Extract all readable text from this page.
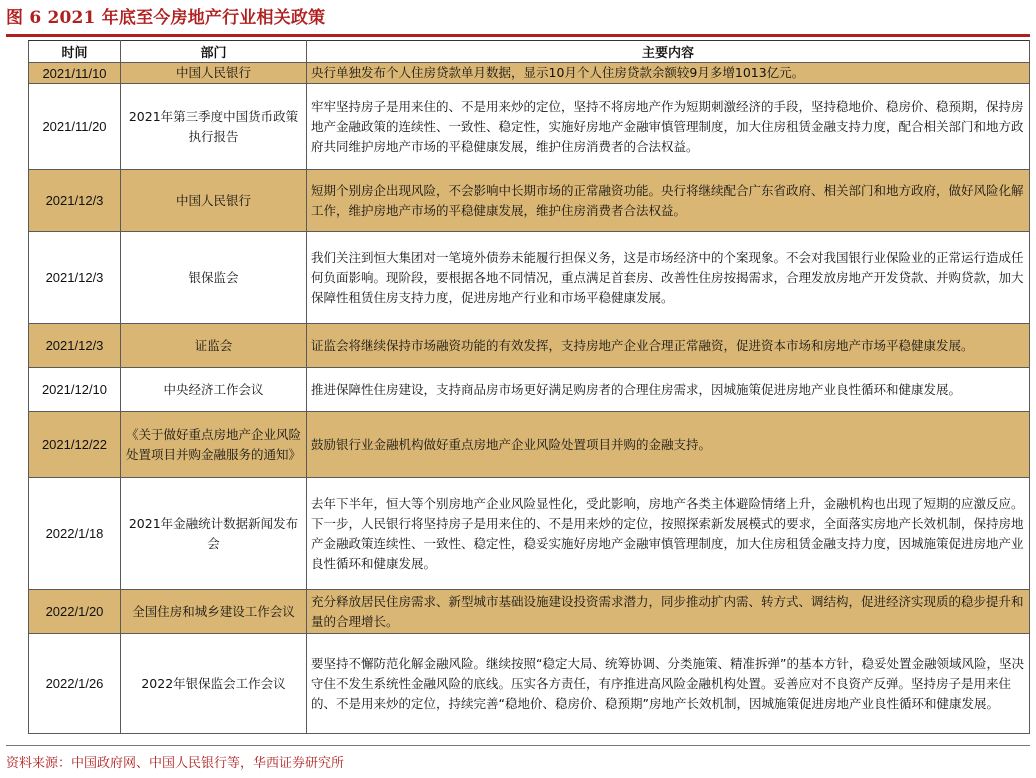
图 6 2021 年底至今房地产行业相关政策
时间	部门	主要内容
2021/11/10	中国人民银行	央行单独发布个人住房贷款单月数据，显示10月个人住房贷款余额较9月多增1013亿元。
2021/11/20	2021年第三季度中国货币政策执行报告	牢牢坚持房子是用来住的、不是用来炒的定位，坚持不将房地产作为短期刺激经济的手段，坚持稳地价、稳房价、稳预期，保持房地产金融政策的连续性、一致性、稳定性，实施好房地产金融审慎管理制度，加大住房租赁金融支持力度，配合相关部门和地方政府共同维护房地产市场的平稳健康发展，维护住房消费者的合法权益。
2021/12/3	中国人民银行	短期个别房企出现风险，不会影响中长期市场的正常融资功能。央行将继续配合广东省政府、相关部门和地方政府，做好风险化解工作，维护房地产市场的平稳健康发展，维护住房消费者合法权益。
2021/12/3	银保监会	我们关注到恒大集团对一笔境外债券未能履行担保义务，这是市场经济中的个案现象。不会对我国银行业保险业的正常运行造成任何负面影响。现阶段，要根据各地不同情况，重点满足首套房、改善性住房按揭需求，合理发放房地产开发贷款、并购贷款，加大保障性租赁住房支持力度，促进房地产行业和市场平稳健康发展。
2021/12/3	证监会	证监会将继续保持市场融资功能的有效发挥，支持房地产企业合理正常融资，促进资本市场和房地产市场平稳健康发展。
2021/12/10	中央经济工作会议	推进保障性住房建设，支持商品房市场更好满足购房者的合理住房需求，因城施策促进房地产业良性循环和健康发展。
2021/12/22	《关于做好重点房地产企业风险处置项目并购金融服务的通知》	鼓励银行业金融机构做好重点房地产企业风险处置项目并购的金融支持。
2022/1/18	2021年金融统计数据新闻发布会	去年下半年，恒大等个别房地产企业风险显性化，受此影响，房地产各类主体避险情绪上升，金融机构也出现了短期的应激反应。下一步，人民银行将坚持房子是用来住的、不是用来炒的定位，按照探索新发展模式的要求，全面落实房地产长效机制，保持房地产金融政策连续性、一致性、稳定性，稳妥实施好房地产金融审慎管理制度，加大住房租赁金融支持力度，因城施策促进房地产业良性循环和健康发展。
2022/1/20	全国住房和城乡建设工作会议	充分释放居民住房需求、新型城市基础设施建设投资需求潜力，同步推动扩内需、转方式、调结构，促进经济实现质的稳步提升和量的合理增长。
2022/1/26	2022年银保监会工作会议	要坚持不懈防范化解金融风险。继续按照“稳定大局、统筹协调、分类施策、精准拆弹”的基本方针，稳妥处置金融领域风险，坚决守住不发生系统性金融风险的底线。压实各方责任，有序推进高风险金融机构处置。妥善应对不良资产反弹。坚持房子是用来住的、不是用来炒的定位，持续完善“稳地价、稳房价、稳预期”房地产长效机制，因城施策促进房地产业良性循环和健康发展。
资料来源：中国政府网、中国人民银行等，华西证券研究所
